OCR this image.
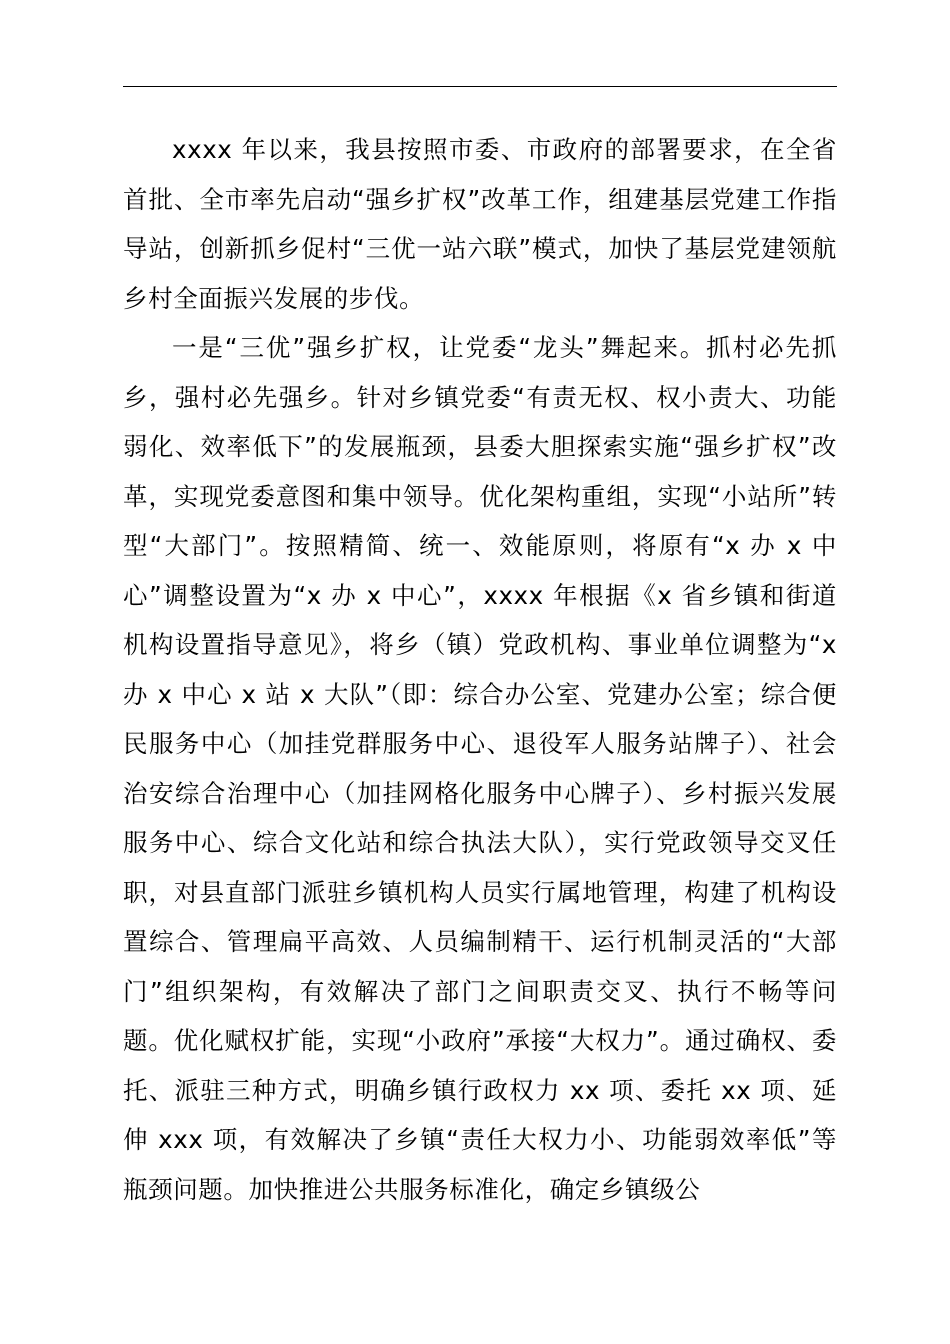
xxxx 年以来，我县按照市委、市政府的部署要求，在全省首批、全市率先启动“强乡扩权”改革工作，组建基层党建工作指导站，创新抓乡促村“三优一站六联”模式，加快了基层党建领航乡村全面振兴发展的步伐。

一是“三优”强乡扩权，让党委“龙头”舞起来。抓村必先抓乡，强村必先强乡。针对乡镇党委“有责无权、权小责大、功能弱化、效率低下”的发展瓶颈，县委大胆探索实施“强乡扩权”改革，实现党委意图和集中领导。优化架构重组，实现“小站所”转型“大部门”。按照精简、统一、效能原则，将原有“x 办 x 中心”调整设置为“x 办 x 中心”，xxxx 年根据《x 省乡镇和街道机构设置指导意见》，将乡（镇）党政机构、事业单位调整为“x 办 x 中心 x 站 x 大队”（即：综合办公室、党建办公室；综合便民服务中心（加挂党群服务中心、退役军人服务站牌子）、社会治安综合治理中心（加挂网格化服务中心牌子）、乡村振兴发展服务中心、综合文化站和综合执法大队），实行党政领导交叉任职，对县直部门派驻乡镇机构人员实行属地管理，构建了机构设置综合、管理扁平高效、人员编制精干、运行机制灵活的“大部门”组织架构，有效解决了部门之间职责交叉、执行不畅等问题。优化赋权扩能，实现“小政府”承接“大权力”。通过确权、委托、派驻三种方式，明确乡镇行政权力 xx 项、委托 xx 项、延伸 xxx 项，有效解决了乡镇“责任大权力小、功能弱效率低”等瓶颈问题。加快推进公共服务标准化，确定乡镇级公
